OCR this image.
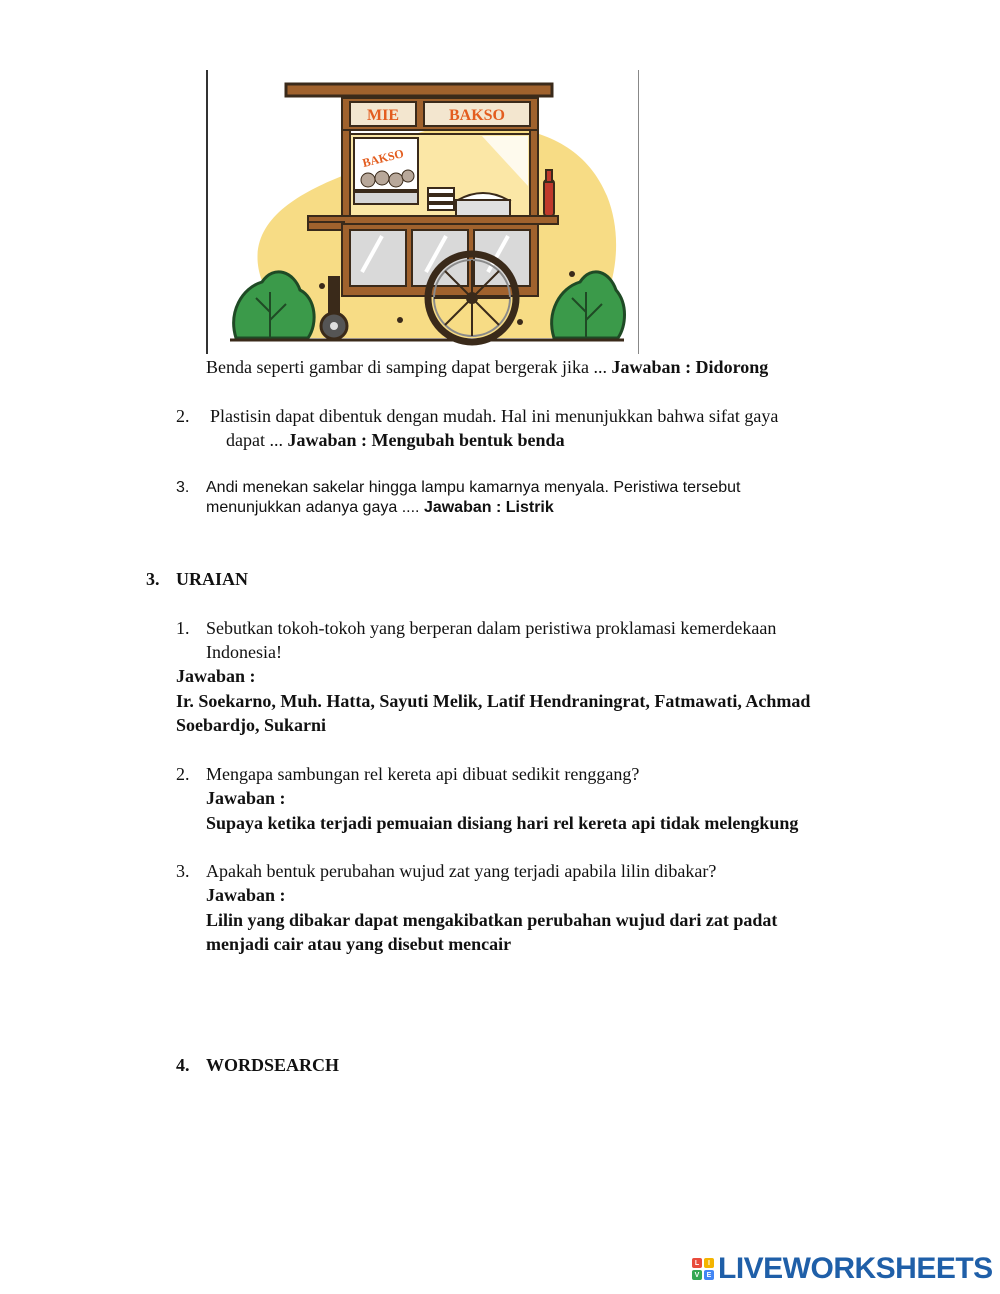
MIE	BAKSO
BAKSO
Benda seperti gambar di samping dapat bergerak jika ... Jawaban : Didorong
2. Plastisin dapat dibentuk dengan mudah. Hal ini menunjukkan bahwa sifat gaya
dapat ... Jawaban : Mengubah bentuk benda
3. Andi menekan sakelar hingga lampu kamarnya menyala. Peristiwa tersebut
menunjukkan adanya gaya .... Jawaban : Listrik
3. URAIAN
1. Sebutkan tokoh-tokoh yang berperan dalam peristiwa proklamasi kemerdekaan
Indonesia!
Jawaban :
Ir. Soekarno, Muh. Hatta, Sayuti Melik, Latif Hendraningrat, Fatmawati, Achmad
Soebardjo, Sukarni
2. Mengapa sambungan rel kereta api dibuat sedikit renggang?
Jawaban :
Supaya ketika terjadi pemuaian disiang hari rel kereta api tidak melengkung
3. Apakah bentuk perubahan wujud zat yang terjadi apabila lilin dibakar?
Jawaban :
Lilin yang dibakar dapat mengakibatkan perubahan wujud dari zat padat
menjadi cair atau yang disebut mencair
4. WORDSEARCH
L	I
V	E LIVEWORKSHEETS
